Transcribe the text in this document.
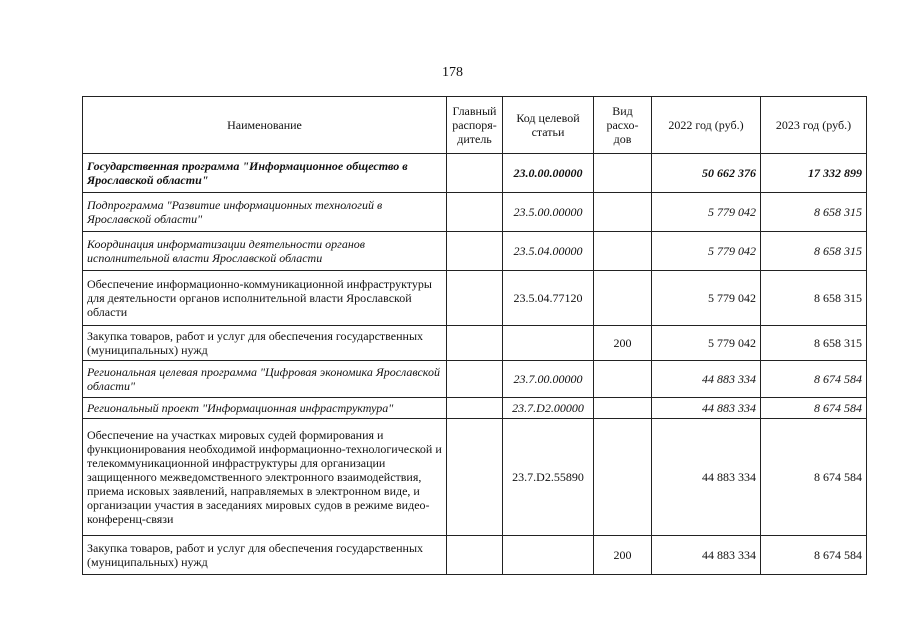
178
Наименование	Главный распоря-дитель	Код целевой статьи	Вид расхо-дов	2022 год (руб.)	2023 год (руб.)
Государственная программа "Информационное общество в Ярославской области"		23.0.00.00000		50 662 376	17 332 899
Подпрограмма "Развитие информационных технологий в Ярославской области"		23.5.00.00000		5 779 042	8 658 315
Координация информатизации деятельности органов исполнительной власти Ярославской области		23.5.04.00000		5 779 042	8 658 315
Обеспечение информационно-коммуникационной инфраструктуры для деятельности органов исполнительной власти Ярославской области		23.5.04.77120		5 779 042	8 658 315
Закупка товаров, работ и услуг для обеспечения государственных (муниципальных) нужд			200	5 779 042	8 658 315
Региональная целевая программа "Цифровая экономика Ярославской области"		23.7.00.00000		44 883 334	8 674 584
Региональный проект "Информационная инфраструктура"		23.7.D2.00000		44 883 334	8 674 584
Обеспечение на участках мировых судей формирования и функционирования необходимой информационно-технологической и телекоммуникационной инфраструктуры для организации защищенного межведомственного электронного взаимодействия, приема исковых заявлений, направляемых в электронном виде, и организации участия в заседаниях мировых судов в режиме видео-конференц-связи		23.7.D2.55890		44 883 334	8 674 584
Закупка товаров, работ и услуг для обеспечения государственных (муниципальных) нужд			200	44 883 334	8 674 584
